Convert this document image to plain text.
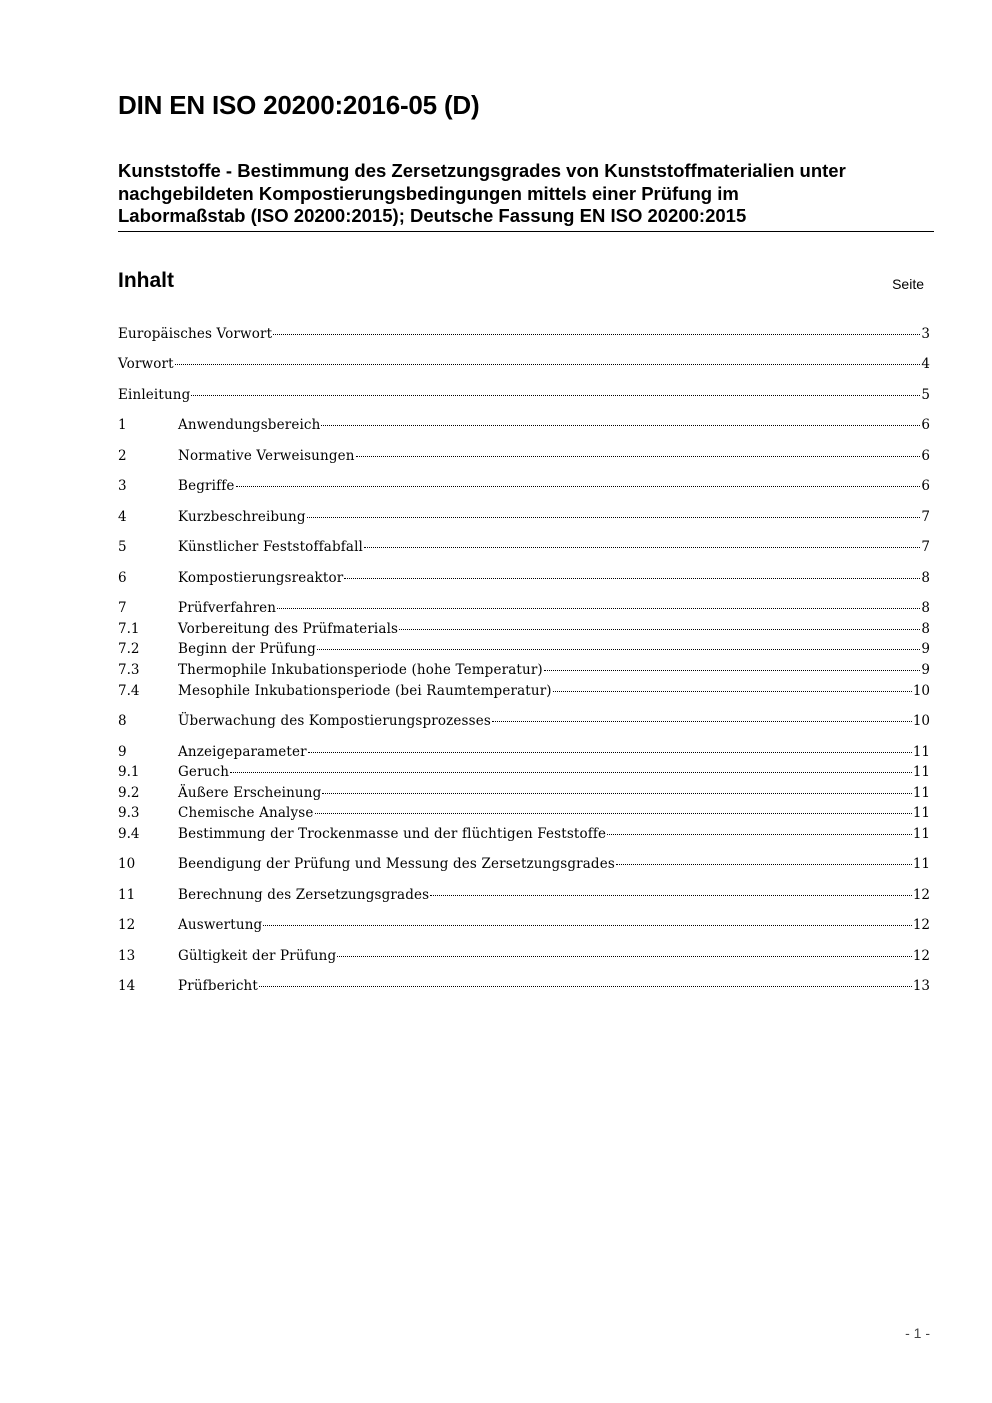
DIN EN ISO 20200:2016-05 (D)
Kunststoffe - Bestimmung des Zersetzungsgrades von Kunststoffmaterialien unter
nachgebildeten Kompostierungsbedingungen mittels einer Prüfung im
Labormaßstab (ISO 20200:2015); Deutsche Fassung EN ISO 20200:2015
Inhalt	Seite
Europäisches Vorwort	3
Vorwort	4
Einleitung	5
1	Anwendungsbereich	6
2	Normative Verweisungen	6
3	Begriffe	6
4	Kurzbeschreibung	7
5	Künstlicher Feststoffabfall	7
6	Kompostierungsreaktor	8
7	Prüfverfahren	8
7.1	Vorbereitung des Prüfmaterials	8
7.2	Beginn der Prüfung	9
7.3	Thermophile Inkubationsperiode (hohe Temperatur)	9
7.4	Mesophile Inkubationsperiode (bei Raumtemperatur)	10
8	Überwachung des Kompostierungsprozesses	10
9	Anzeigeparameter	11
9.1	Geruch	11
9.2	Äußere Erscheinung	11
9.3	Chemische Analyse	11
9.4	Bestimmung der Trockenmasse und der flüchtigen Feststoffe	11
10	Beendigung der Prüfung und Messung des Zersetzungsgrades	11
11	Berechnung des Zersetzungsgrades	12
12	Auswertung	12
13	Gültigkeit der Prüfung	12
14	Prüfbericht	13
- 1 -
